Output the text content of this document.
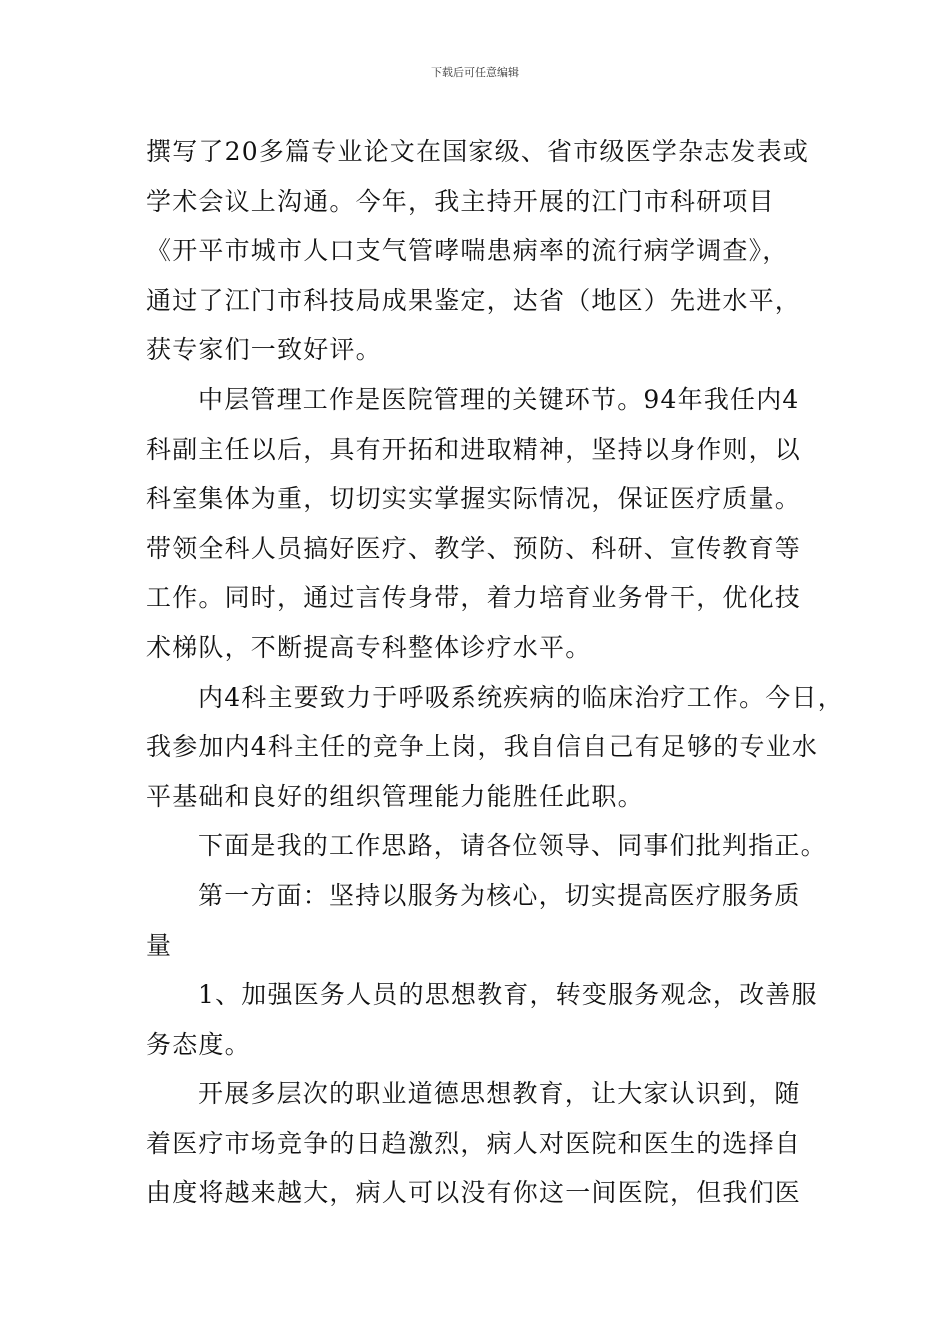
下载后可任意编辑
撰写了20多篇专业论文在国家级、省市级医学杂志发表或
学术会议上沟通。今年，我主持开展的江门市科研项目
《开平市城市人口支气管哮喘患病率的流行病学调查》，
通过了江门市科技局成果鉴定，达省（地区）先进水平，
获专家们一致好评。
中层管理工作是医院管理的关键环节。94年我任内4
科副主任以后，具有开拓和进取精神，坚持以身作则，以
科室集体为重，切切实实掌握实际情况，保证医疗质量。
带领全科人员搞好医疗、教学、预防、科研、宣传教育等
工作。同时，通过言传身带，着力培育业务骨干，优化技
术梯队，不断提高专科整体诊疗水平。
内4科主要致力于呼吸系统疾病的临床治疗工作。今日，
我参加内4科主任的竞争上岗，我自信自己有足够的专业水
平基础和良好的组织管理能力能胜任此职。
下面是我的工作思路，请各位领导、同事们批判指正。
第一方面：坚持以服务为核心，切实提高医疗服务质
量
1、加强医务人员的思想教育，转变服务观念，改善服
务态度。
开展多层次的职业道德思想教育，让大家认识到，随
着医疗市场竞争的日趋激烈，病人对医院和医生的选择自
由度将越来越大，病人可以没有你这一间医院，但我们医
